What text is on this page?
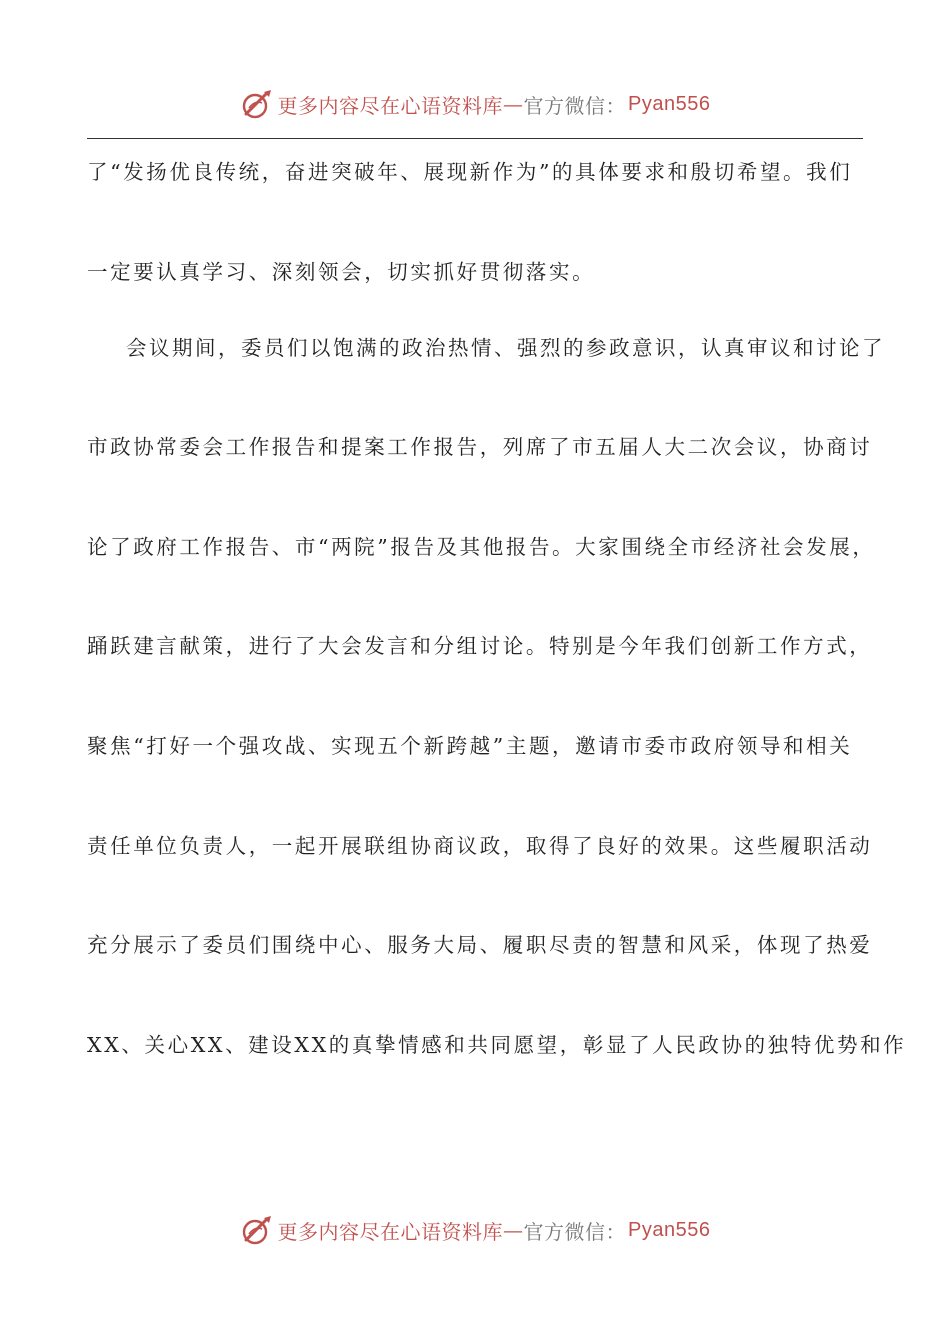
更多内容尽在心语资料库 — 官方微信： Pyan556
了“发扬优良传统，奋进突破年、展现新作为”的具体要求和殷切希望。我们
一定要认真学习、深刻领会，切实抓好贯彻落实。
会议期间，委员们以饱满的政治热情、强烈的参政意识，认真审议和讨论了
市政协常委会工作报告和提案工作报告，列席了市五届人大二次会议，协商讨
论了政府工作报告、市“两院”报告及其他报告。大家围绕全市经济社会发展，
踊跃建言献策，进行了大会发言和分组讨论。特别是今年我们创新工作方式，
聚焦“打好一个强攻战、实现五个新跨越”主题，邀请市委市政府领导和相关
责任单位负责人，一起开展联组协商议政，取得了良好的效果。这些履职活动
充分展示了委员们围绕中心、服务大局、履职尽责的智慧和风采，体现了热爱
XX、关心XX、建设XX的真挚情感和共同愿望，彰显了人民政协的独特优势和作
更多内容尽在心语资料库 — 官方微信： Pyan556
